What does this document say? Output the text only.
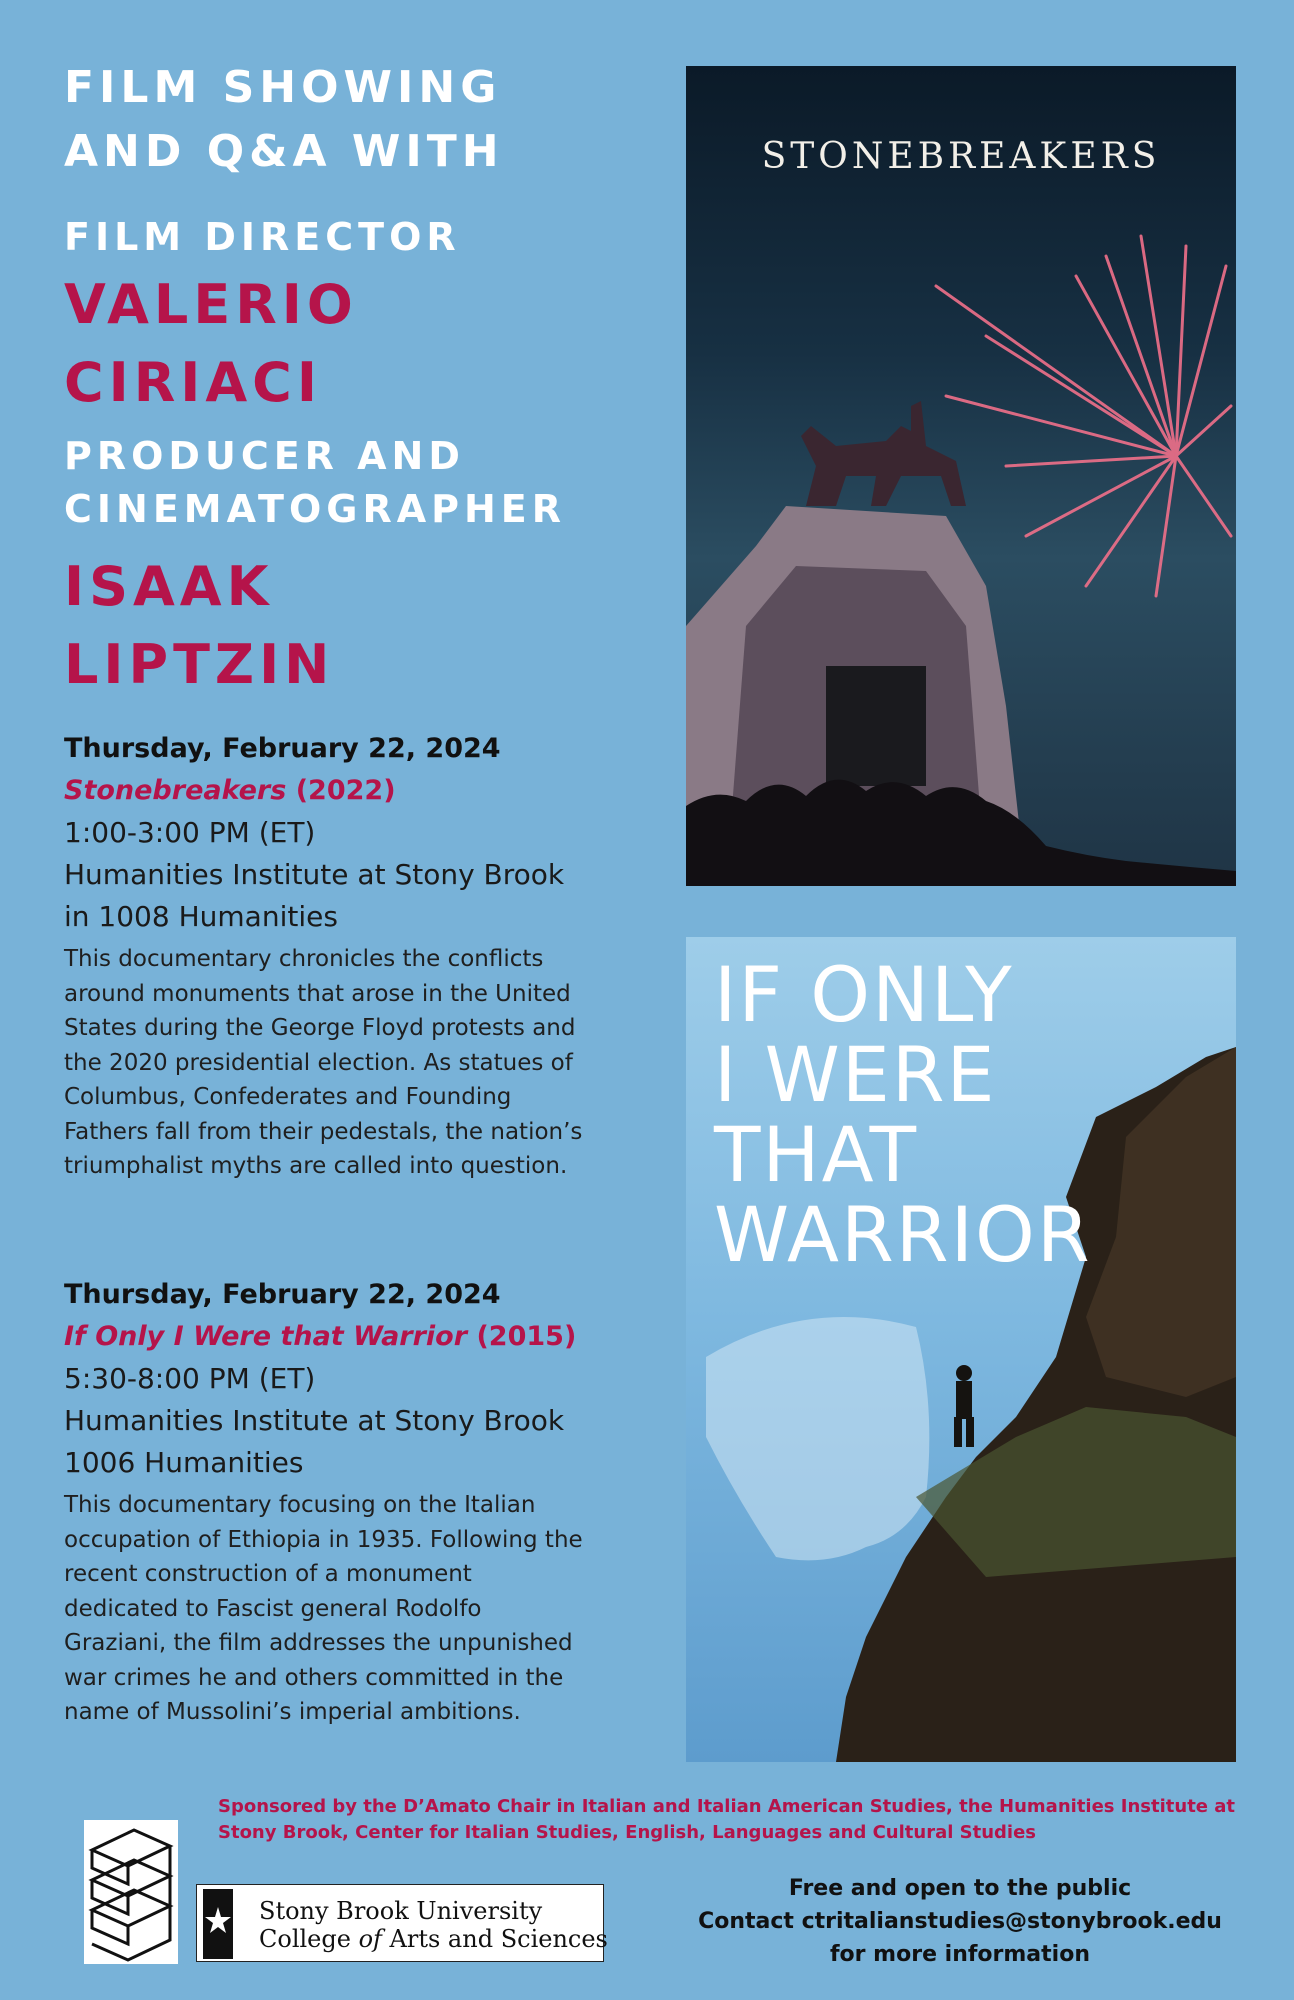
FILM SHOWING
AND Q&A WITH
FILM DIRECTOR
VALERIO
CIRIACI
PRODUCER AND
CINEMATOGRAPHER
ISAAK
LIPTZIN
Thursday, February 22, 2024
Stonebreakers (2022)
1:00-3:00 PM (ET)
Humanities Institute at Stony Brook
in 1008 Humanities
This documentary chronicles the conflicts around monuments that arose in the United States during the George Floyd protests and the 2020 presidential election. As statues of Columbus, Confederates and Founding Fathers fall from their pedestals, the nation’s triumphalist myths are called into question.
Thursday, February 22, 2024
If Only I Were that Warrior (2015)
5:30-8:00 PM (ET)
Humanities Institute at Stony Brook
1006 Humanities
This documentary focusing on the Italian occupation of Ethiopia in 1935. Following the recent construction of a monument dedicated to Fascist general Rodolfo Graziani, the film addresses the unpunished war crimes he and others committed in the name of Mussolini’s imperial ambitions.
STONEBREAKERS
IF ONLY
I WERE
THAT
WARRIOR
Sponsored by the D’Amato Chair in Italian and Italian American Studies, the Humanities Institute at Stony Brook, Center for Italian Studies, English, Languages and Cultural Studies
Stony Brook University
College of Arts and Sciences
Free and open to the public
Contact ctritalianstudies@stonybrook.edu
for more information
